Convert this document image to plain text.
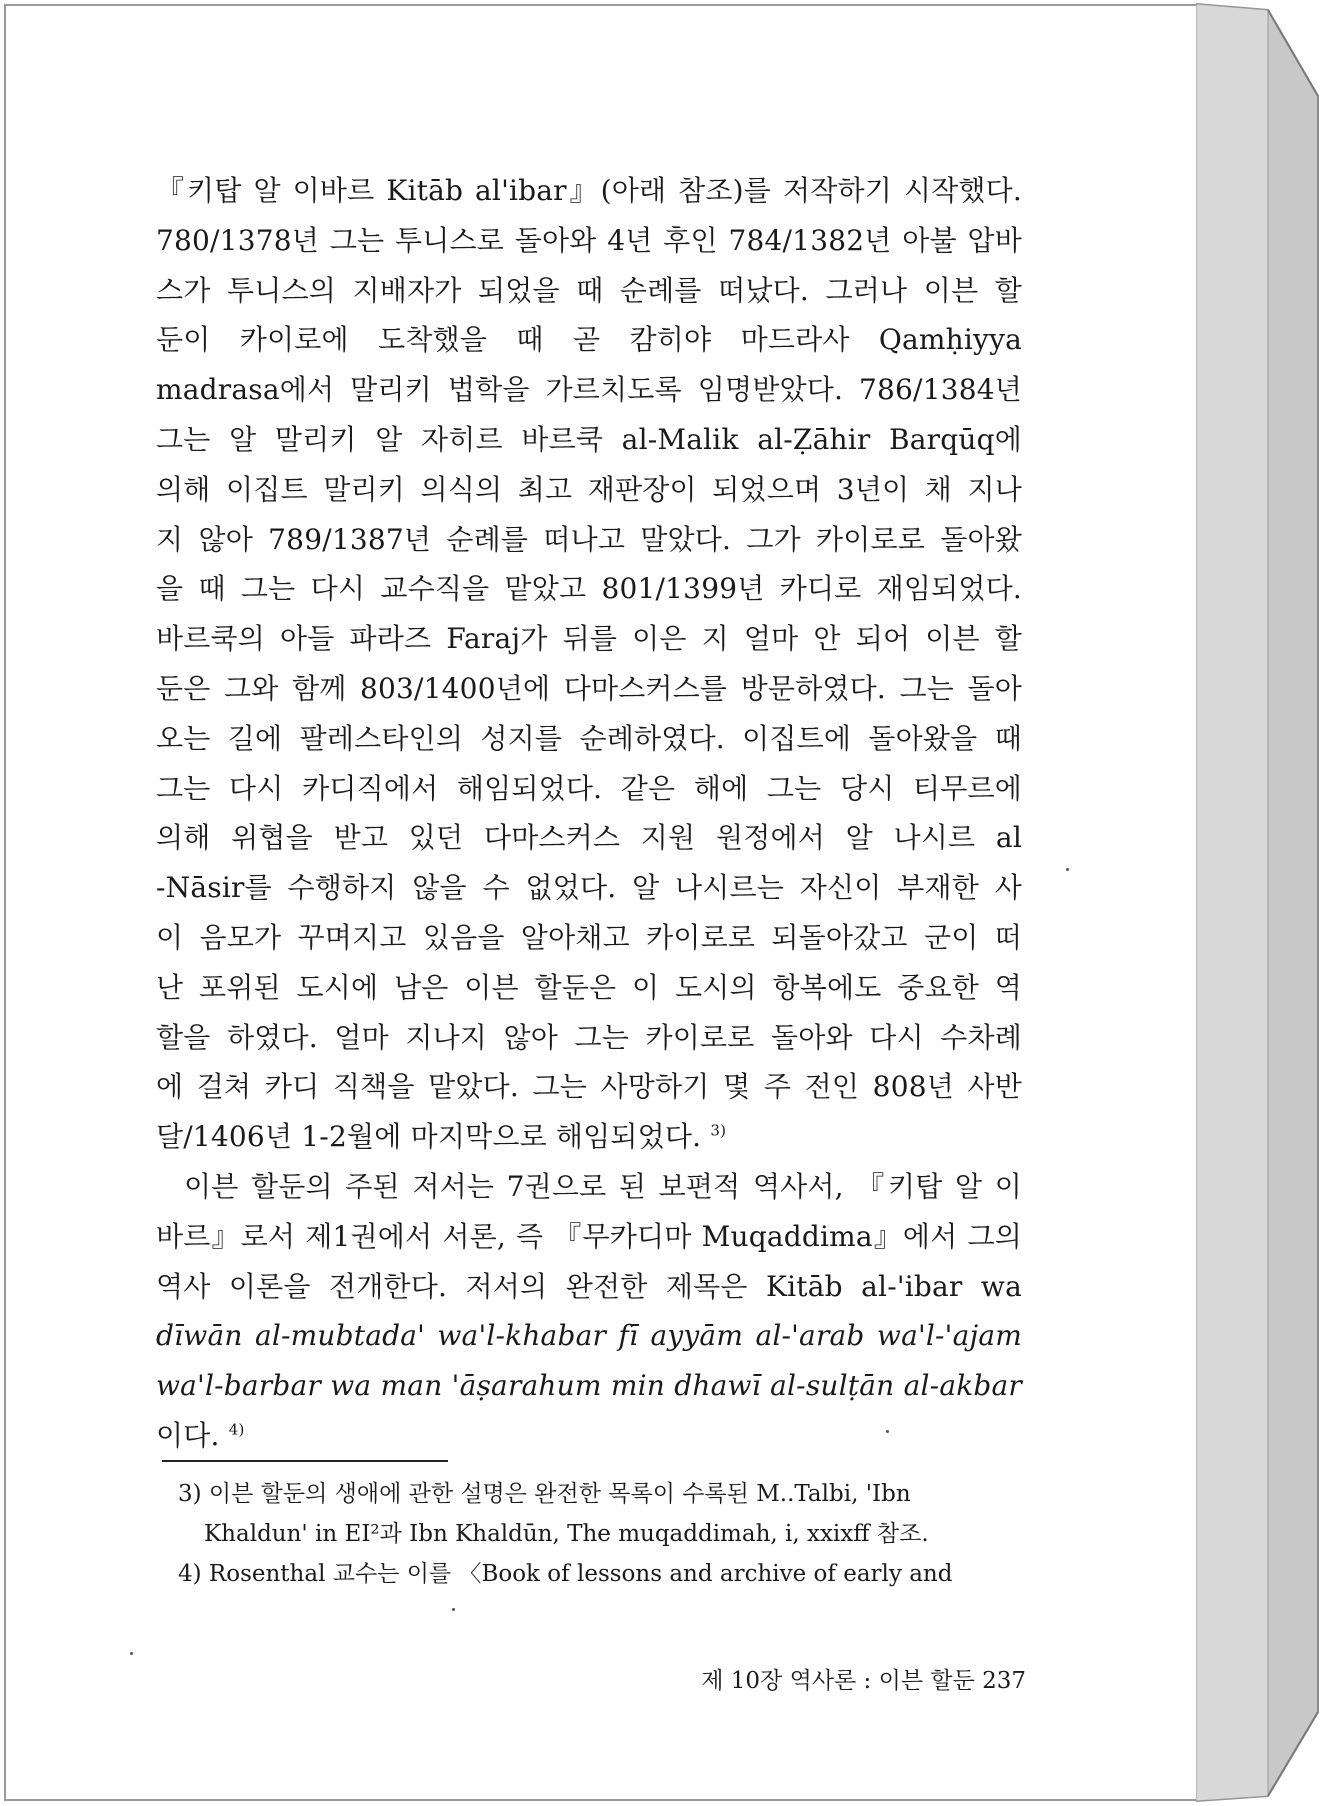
『키탑 알 이바르 Kitāb al'ibar』(아래 참조)를 저작하기 시작했다.
780/1378년 그는 투니스로 돌아와 4년 후인 784/1382년 아불 압바
스가 투니스의 지배자가 되었을 때 순례를 떠났다. 그러나 이븐 할
둔이 카이로에 도착했을 때 곧 캄히야 마드라사 Qamḥiyya
madrasa에서 말리키 법학을 가르치도록 임명받았다. 786/1384년
그는 알 말리키 알 자히르 바르쿡 al-Malik al-Ẓāhir Barqūq에
의해 이집트 말리키 의식의 최고 재판장이 되었으며 3년이 채 지나
지 않아 789/1387년 순례를 떠나고 말았다. 그가 카이로로 돌아왔
을 때 그는 다시 교수직을 맡았고 801/1399년 카디로 재임되었다.
바르쿡의 아들 파라즈 Faraj가 뒤를 이은 지 얼마 안 되어 이븐 할
둔은 그와 함께 803/1400년에 다마스커스를 방문하였다. 그는 돌아
오는 길에 팔레스타인의 성지를 순례하였다. 이집트에 돌아왔을 때
그는 다시 카디직에서 해임되었다. 같은 해에 그는 당시 티무르에
의해 위협을 받고 있던 다마스커스 지원 원정에서 알 나시르 al
-Nāsir를 수행하지 않을 수 없었다. 알 나시르는 자신이 부재한 사
이 음모가 꾸며지고 있음을 알아채고 카이로로 되돌아갔고 군이 떠
난 포위된 도시에 남은 이븐 할둔은 이 도시의 항복에도 중요한 역
할을 하였다. 얼마 지나지 않아 그는 카이로로 돌아와 다시 수차례
에 걸쳐 카디 직책을 맡았다. 그는 사망하기 몇 주 전인 808년 사반
달/1406년 1-2월에 마지막으로 해임되었다. $^{3)}$
이븐 할둔의 주된 저서는 7권으로 된 보편적 역사서, 『키탑 알 이
바르』로서 제1권에서 서론, 즉 『무카디마 Muqaddima』에서 그의
역사 이론을 전개한다. 저서의 완전한 제목은 Kitāb al-'ibar wa
dīwān al-mubtada' wa'l-khabar fī ayyām al-'arab wa'l-'ajam
wa'l-barbar wa man 'āṣarahum min dhawī al-sulṭān al-akbar
이다. $^{4)}$
3) 이븐 할둔의 생애에 관한 설명은 완전한 목록이 수록된 M..Talbi, 'Ibn
Khaldun' in EI²과 Ibn Khaldūn, The muqaddimah, i, xxixff 참조.
4) Rosenthal 교수는 이를 〈Book of lessons and archive of early and
제 10장 역사론 : 이븐 할둔 237
